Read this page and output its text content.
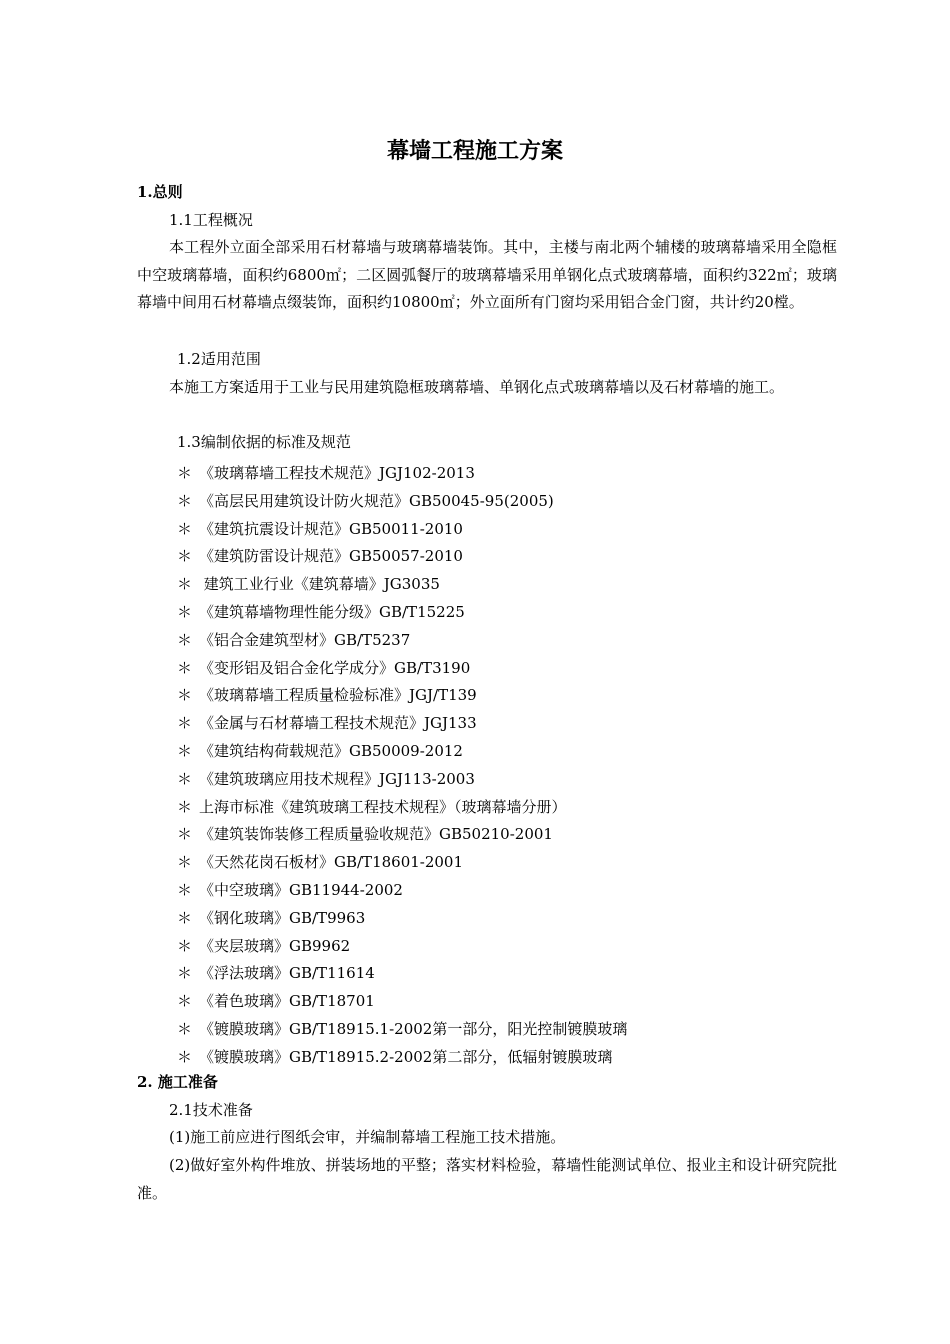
幕墙工程施工方案
1.总则
1.1工程概况
本工程外立面全部采用石材幕墙与玻璃幕墙装饰。其中，主楼与南北两个辅楼的玻璃幕墙采用全隐框中空玻璃幕墙，面积约6800㎡；二区圆弧餐厅的玻璃幕墙采用单钢化点式玻璃幕墙，面积约322㎡；玻璃幕墙中间用石材幕墙点缀装饰，面积约10800㎡；外立面所有门窗均采用铝合金门窗，共计约20樘。
1.2适用范围
本施工方案适用于工业与民用建筑隐框玻璃幕墙、单钢化点式玻璃幕墙以及石材幕墙的施工。
1.3编制依据的标准及规范
＊ 《玻璃幕墙工程技术规范》JGJ102-2013
＊ 《高层民用建筑设计防火规范》GB50045-95(2005)
＊ 《建筑抗震设计规范》GB50011-2010
＊ 《建筑防雷设计规范》GB50057-2010
＊ 建筑工业行业《建筑幕墙》JG3035
＊ 《建筑幕墙物理性能分级》GB/T15225
＊ 《铝合金建筑型材》GB/T5237
＊ 《变形铝及铝合金化学成分》GB/T3190
＊ 《玻璃幕墙工程质量检验标准》JGJ/T139
＊ 《金属与石材幕墙工程技术规范》JGJ133
＊ 《建筑结构荷载规范》GB50009-2012
＊ 《建筑玻璃应用技术规程》JGJ113-2003
＊ 上海市标准《建筑玻璃工程技术规程》（玻璃幕墙分册）
＊ 《建筑装饰装修工程质量验收规范》GB50210-2001
＊ 《天然花岗石板材》GB/T18601-2001
＊ 《中空玻璃》GB11944-2002
＊ 《钢化玻璃》GB/T9963
＊ 《夹层玻璃》GB9962
＊ 《浮法玻璃》GB/T11614
＊ 《着色玻璃》GB/T18701
＊ 《镀膜玻璃》GB/T18915.1-2002第一部分，阳光控制镀膜玻璃
＊ 《镀膜玻璃》GB/T18915.2-2002第二部分，低辐射镀膜玻璃
2. 施工准备
2.1技术准备
(1)施工前应进行图纸会审，并编制幕墙工程施工技术措施。
(2)做好室外构件堆放、拼装场地的平整；落实材料检验，幕墙性能测试单位、报业主和设计研究院批准。
